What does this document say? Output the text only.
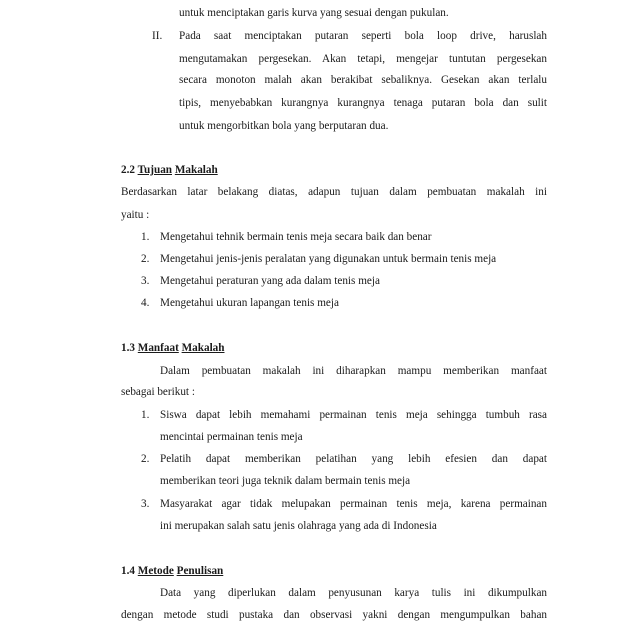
untuk menciptakan garis kurva yang sesuai dengan pukulan.
II. Pada saat menciptakan putaran seperti bola loop drive, haruslah
mengutamakan pergesekan. Akan tetapi, mengejar tuntutan pergesekan
secara monoton malah akan berakibat sebaliknya. Gesekan akan terlalu
tipis, menyebabkan kurangnya kurangnya tenaga putaran bola dan sulit
untuk mengorbitkan bola yang berputaran dua.
2.2 Tujuan Makalah
Berdasarkan latar belakang diatas, adapun tujuan dalam pembuatan makalah ini
yaitu :
1. Mengetahui tehnik bermain tenis meja secara baik dan benar
2. Mengetahui jenis-jenis peralatan yang digunakan untuk bermain tenis meja
3. Mengetahui peraturan yang ada dalam tenis meja
4. Mengetahui ukuran lapangan tenis meja
1.3 Manfaat Makalah
Dalam pembuatan makalah ini diharapkan mampu memberikan manfaat
sebagai berikut :
1. Siswa dapat lebih memahami permainan tenis meja sehingga tumbuh rasa
mencintai permainan tenis meja
2. Pelatih dapat memberikan pelatihan yang lebih efesien dan dapat
memberikan teori juga teknik dalam bermain tenis meja
3. Masyarakat agar tidak melupakan permainan tenis meja, karena permainan
ini merupakan salah satu jenis olahraga yang ada di Indonesia
1.4 Metode Penulisan
Data yang diperlukan dalam penyusunan karya tulis ini dikumpulkan
dengan metode studi pustaka dan observasi yakni dengan mengumpulkan bahan
